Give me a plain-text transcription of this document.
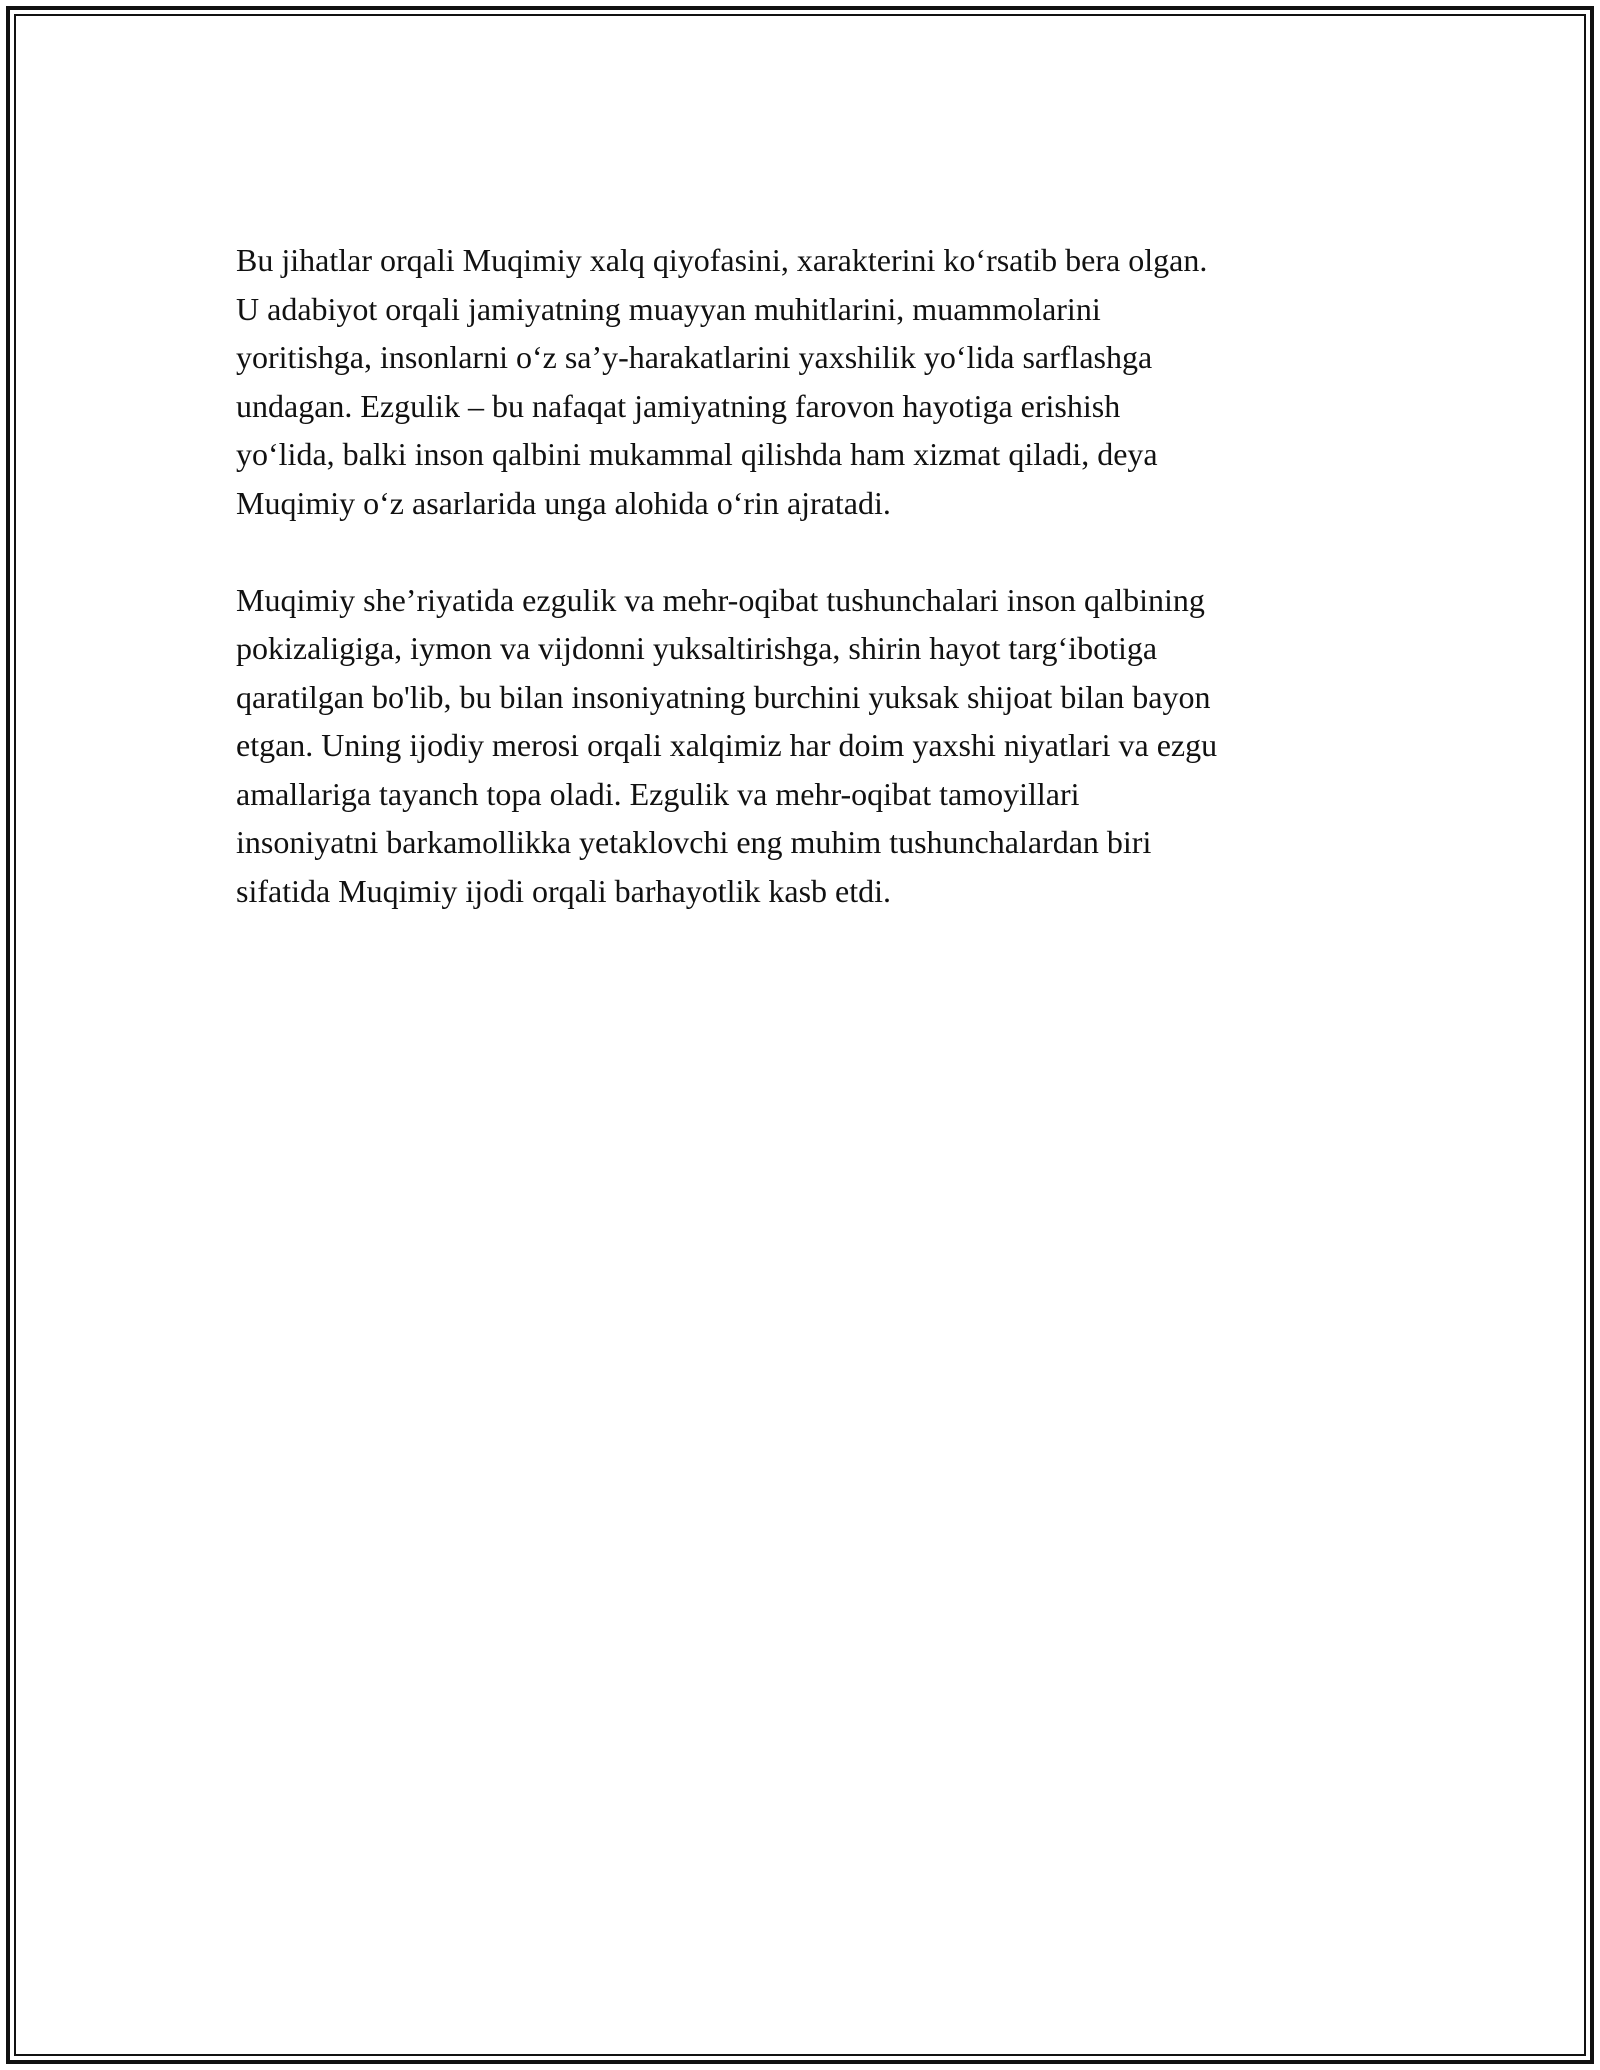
Bu jihatlar orqali Muqimiy xalq qiyofasini, xarakterini ko‘rsatib bera olgan.
U adabiyot orqali jamiyatning muayyan muhitlarini, muammolarini
yoritishga, insonlarni o‘z sa’y-harakatlarini yaxshilik yo‘lida sarflashga
undagan. Ezgulik – bu nafaqat jamiyatning farovon hayotiga erishish
yo‘lida, balki inson qalbini mukammal qilishda ham xizmat qiladi, deya
Muqimiy o‘z asarlarida unga alohida o‘rin ajratadi.
Muqimiy she’riyatida ezgulik va mehr-oqibat tushunchalari inson qalbining
pokizaligiga, iymon va vijdonni yuksaltirishga, shirin hayot targ‘ibotiga
qaratilgan bo'lib, bu bilan insoniyatning burchini yuksak shijoat bilan bayon
etgan. Uning ijodiy merosi orqali xalqimiz har doim yaxshi niyatlari va ezgu
amallariga tayanch topa oladi. Ezgulik va mehr-oqibat tamoyillari
insoniyatni barkamollikka yetaklovchi eng muhim tushunchalardan biri
sifatida Muqimiy ijodi orqali barhayotlik kasb etdi.
